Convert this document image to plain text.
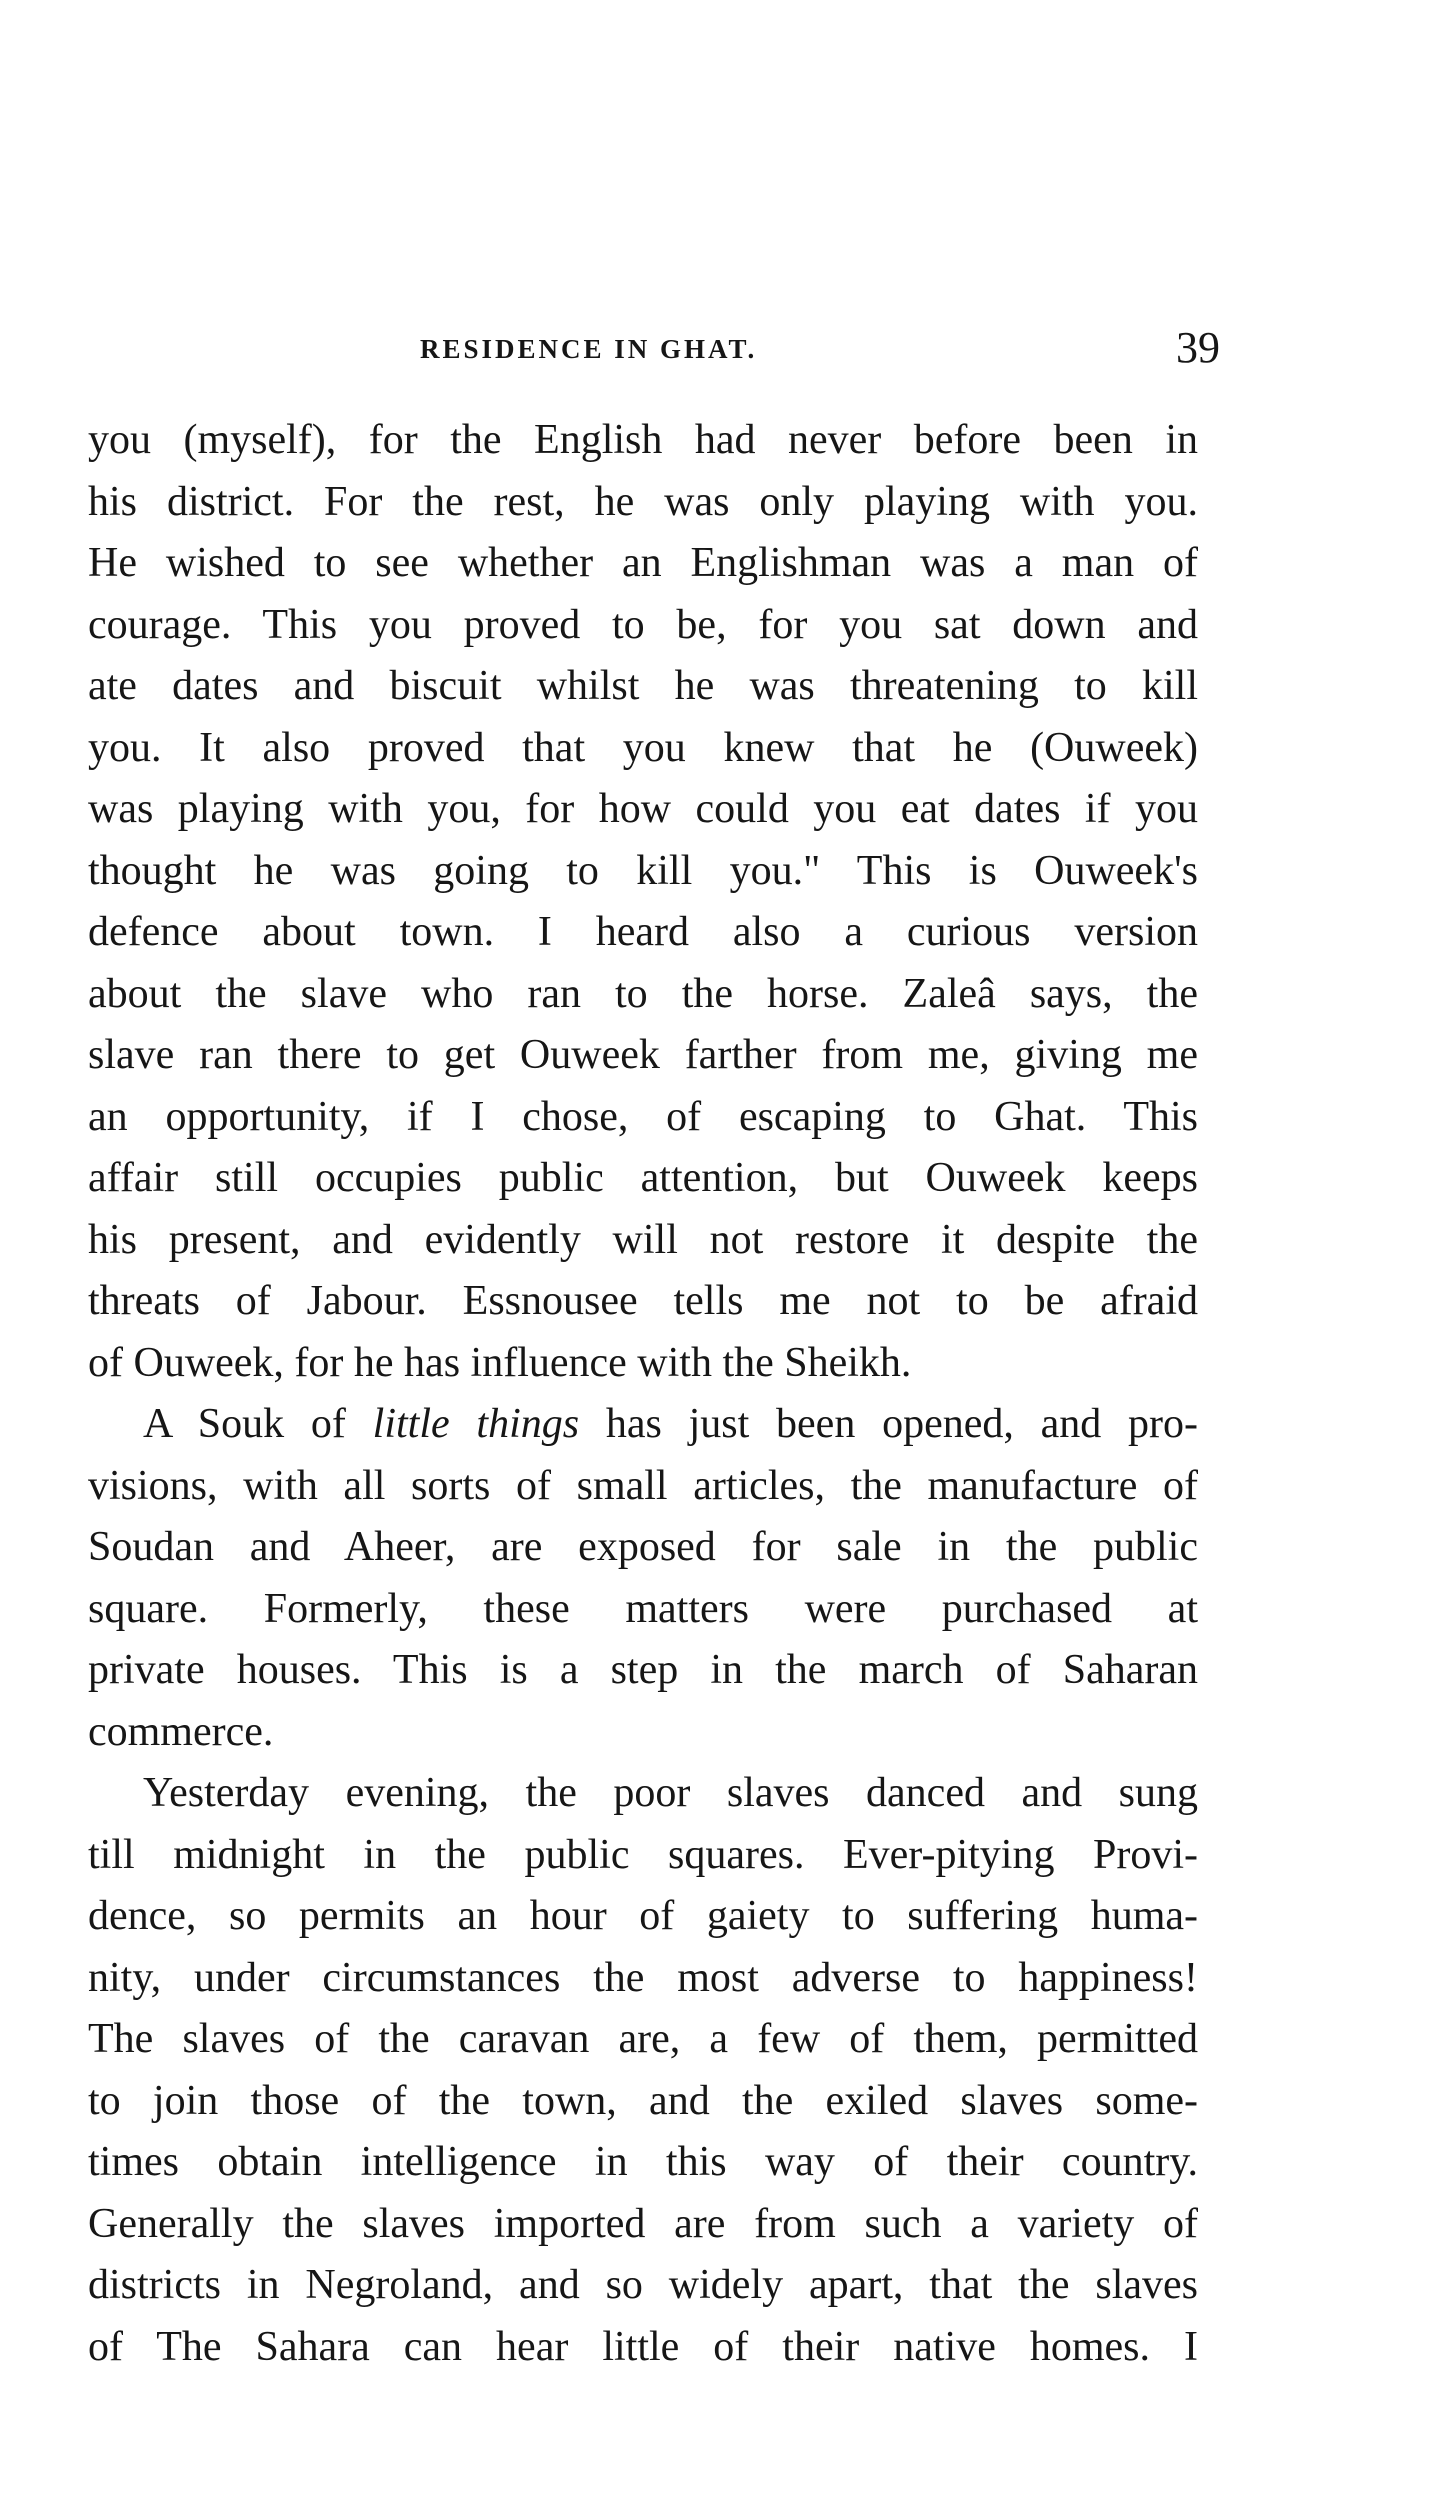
RESIDENCE IN GHAT.	39
you (myself), for the English had never before been in
his district. For the rest, he was only playing with you.
He wished to see whether an Englishman was a man of
courage. This you proved to be, for you sat down and
ate dates and biscuit whilst he was threatening to kill
you. It also proved that you knew that he (Ouweek)
was playing with you, for how could you eat dates if you
thought he was going to kill you." This is Ouweek's
defence about town. I heard also a curious version
about the slave who ran to the horse. Zaleâ says, the
slave ran there to get Ouweek farther from me, giving me
an opportunity, if I chose, of escaping to Ghat. This
affair still occupies public attention, but Ouweek keeps
his present, and evidently will not restore it despite the
threats of Jabour. Essnousee tells me not to be afraid
of Ouweek, for he has influence with the Sheikh.
A Souk of little things has just been opened, and pro-
visions, with all sorts of small articles, the manufacture of
Soudan and Aheer, are exposed for sale in the public
square. Formerly, these matters were purchased at
private houses. This is a step in the march of Saharan
commerce.
Yesterday evening, the poor slaves danced and sung
till midnight in the public squares. Ever-pitying Provi-
dence, so permits an hour of gaiety to suffering huma-
nity, under circumstances the most adverse to happiness!
The slaves of the caravan are, a few of them, permitted
to join those of the town, and the exiled slaves some-
times obtain intelligence in this way of their country.
Generally the slaves imported are from such a variety of
districts in Negroland, and so widely apart, that the slaves
of The Sahara can hear little of their native homes. I
